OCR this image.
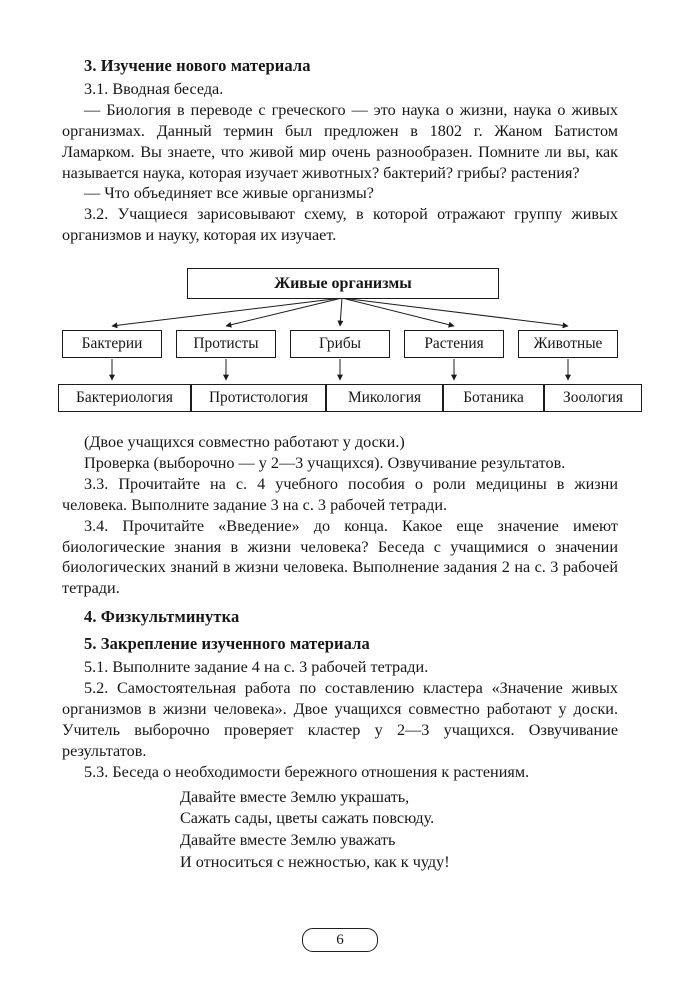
3. Изучение нового материала

3.1. Вводная беседа.

— Биология в переводе с греческого — это наука о жизни, наука о живых организмах. Данный термин был предложен в 1802 г. Жаном Батистом Ламарком. Вы знаете, что живой мир очень разнообразен. Помните ли вы, как называется наука, которая изучает животных? бактерий? грибы? растения?

— Что объединяет все живые организмы?

3.2. Учащиеся зарисовывают схему, в которой отражают группу живых организмов и науку, которая их изучает.

Живые организмы
Бактерии	Протисты	Грибы	Растения	Животные
Бактериология	Протистология	Микология	Ботаника	Зоология

(Двое учащихся совместно работают у доски.)

Проверка (выборочно — у 2—3 учащихся). Озвучивание результатов.

3.3. Прочитайте на с. 4 учебного пособия о роли медицины в жизни человека. Выполните задание 3 на с. 3 рабочей тетради.

3.4. Прочитайте «Введение» до конца. Какое еще значение имеют биологические знания в жизни человека? Беседа с учащимися о значении биологических знаний в жизни человека. Выполнение задания 2 на с. 3 рабочей тетради.

4. Физкультминутка
5. Закрепление изученного материала

5.1. Выполните задание 4 на с. 3 рабочей тетради.

5.2. Самостоятельная работа по составлению кластера «Значение живых организмов в жизни человека». Двое учащихся совместно работают у доски. Учитель выборочно проверяет кластер у 2—3 учащихся. Озвучивание результатов.

5.3. Беседа о необходимости бережного отношения к растениям.

Давайте вместе Землю украшать,

Сажать сады, цветы сажать повсюду.

Давайте вместе Землю уважать

И относиться с нежностью, как к чуду!

6
